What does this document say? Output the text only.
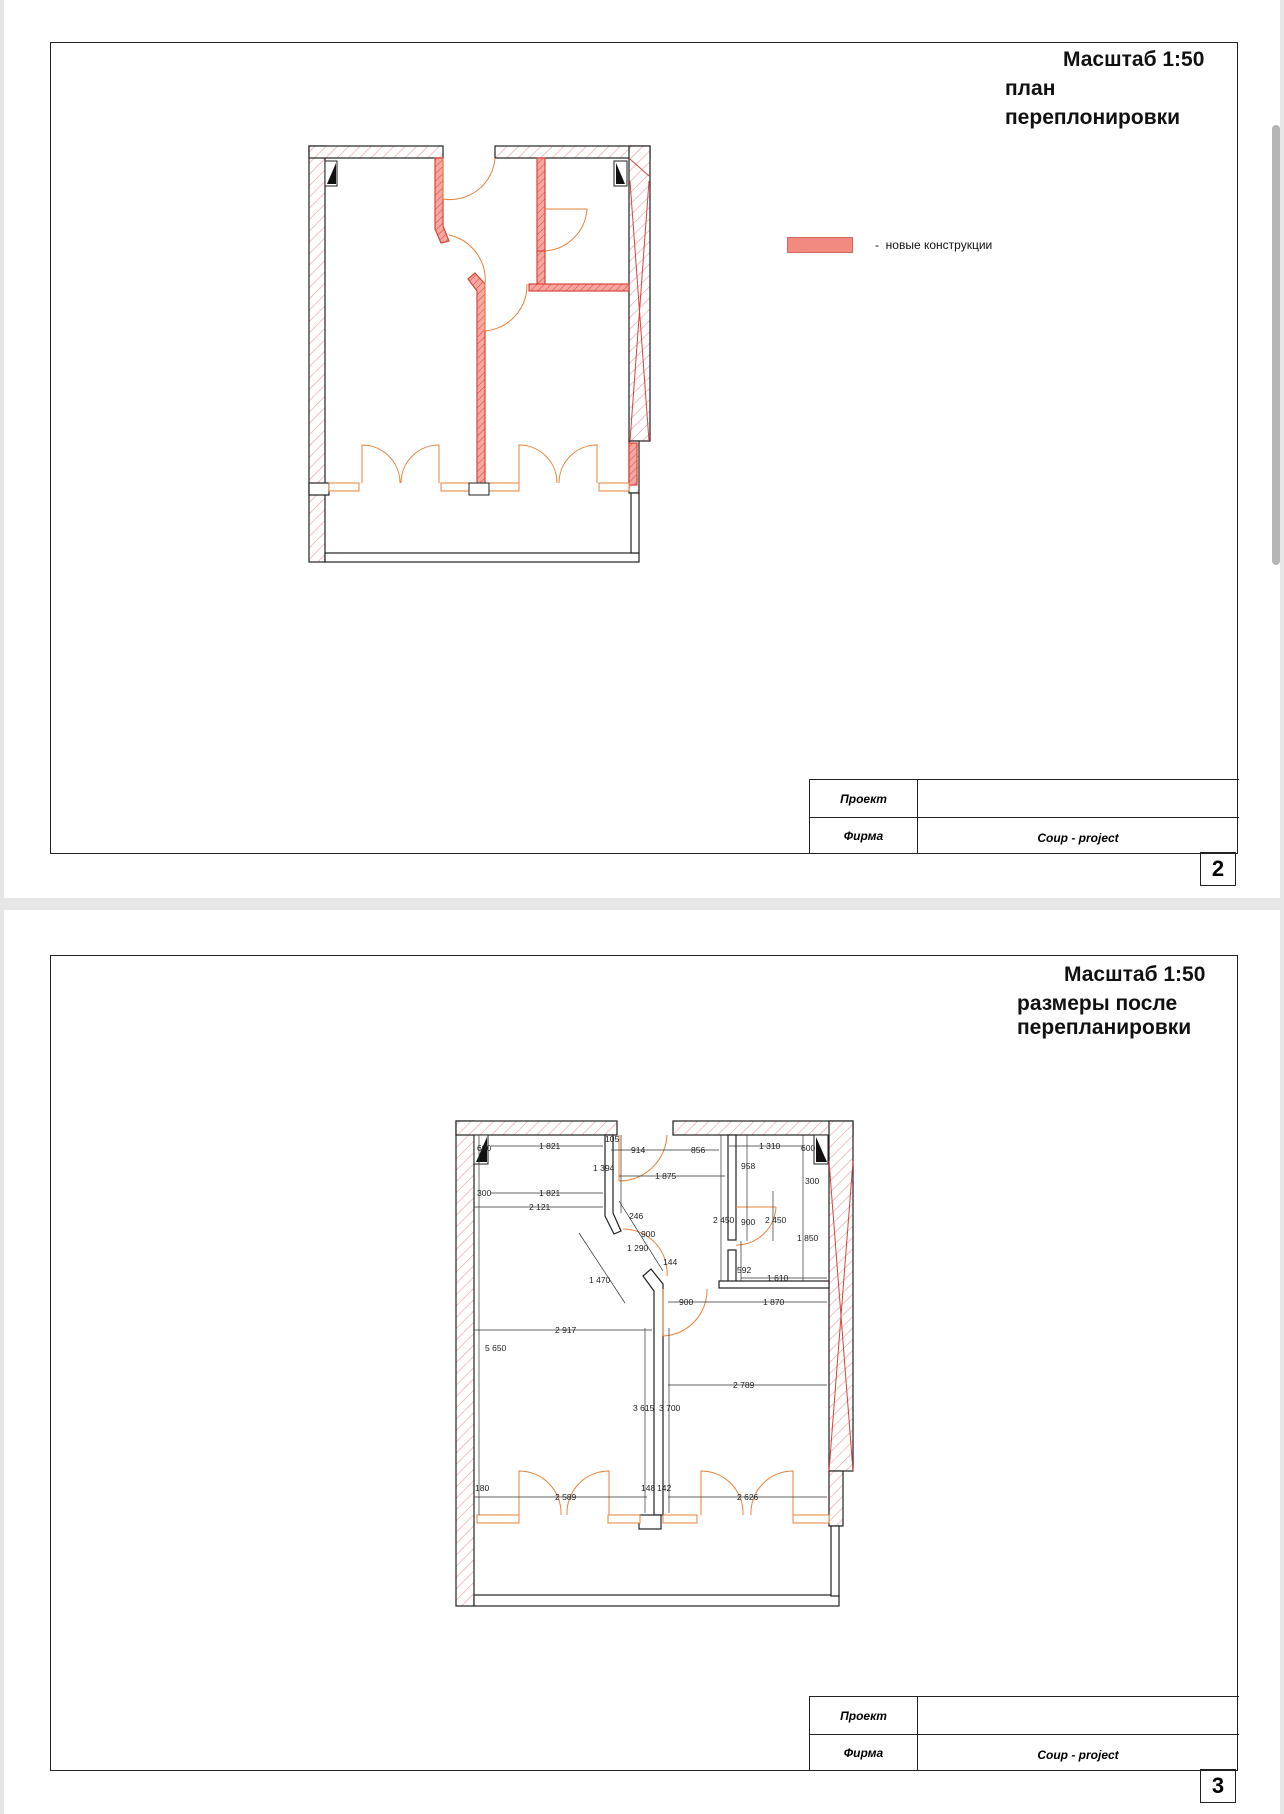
Масштаб 1:50
план переплонировки
- новые конструкции
Проект
Фирма	Coup - project
2
Масштаб 1:50
размеры после
перепланировки
600	1 821
105
914	856	1 310 600
300	1 821
1 394
1 875
958
300
2 121
2 450 900 2 450
246
900
1 290
144
1 850
1 470
592
1 610
900	1 870
2 917
5 650
2 789
3 615 3 700
180	148 142
2 589	2 626
Проект
Фирма	Coup - project
3
